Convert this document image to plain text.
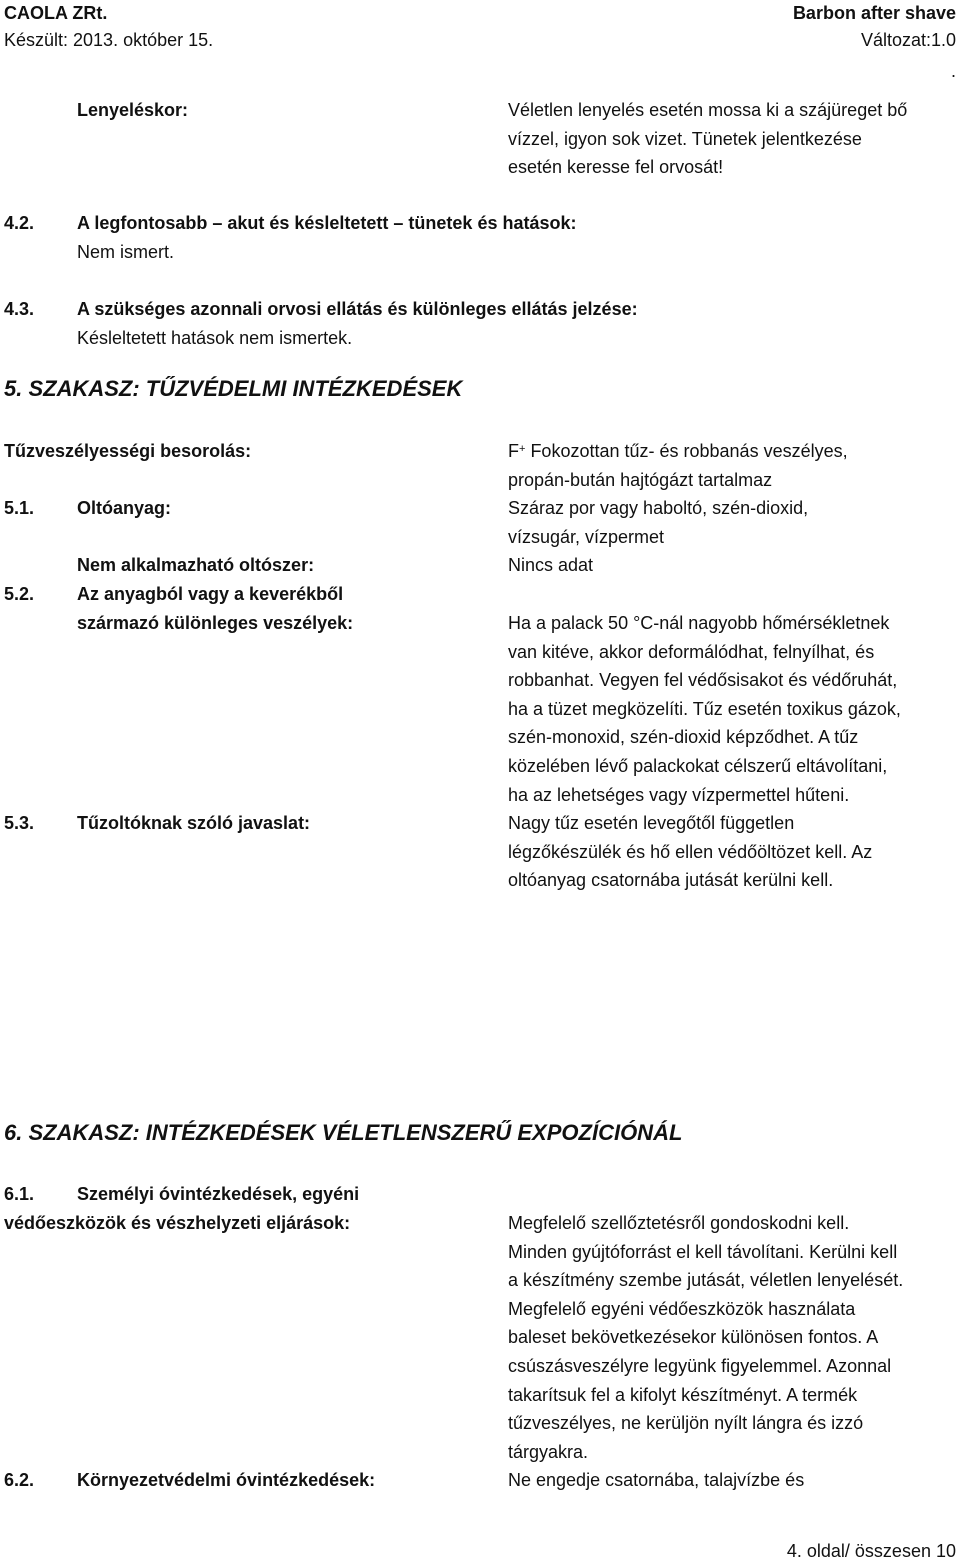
CAOLA ZRt.	Barbon after shave
Készült: 2013. október 15.	Változat:1.0
.
Lenyeléskor:	Véletlen lenyelés esetén mossa ki a szájüreget bő
vízzel, igyon sok vizet. Tünetek jelentkezése
esetén keresse fel orvosát!
4.2. A legfontosabb – akut és késleltetett – tünetek és hatások:
Nem ismert.
4.3. A szükséges azonnali orvosi ellátás és különleges ellátás jelzése:
Késleltetett hatások nem ismertek.
5. SZAKASZ: TŰZVÉDELMI INTÉZKEDÉSEK
Tűzveszélyességi besorolás:	F+ Fokozottan tűz- és robbanás veszélyes,
propán-bután hajtógázt tartalmaz
5.1. Oltóanyag:	Száraz por vagy haboltó, szén-dioxid,
vízsugár, vízpermet
Nem alkalmazható oltószer:	Nincs adat
5.2. Az anyagból vagy a keverékből
származó különleges veszélyek:	Ha a palack 50 °C-nál nagyobb hőmérsékletnek
van kitéve, akkor deformálódhat, felnyílhat, és
robbanhat. Vegyen fel védősisakot és védőruhát,
ha a tüzet megközelíti. Tűz esetén toxikus gázok,
szén-monoxid, szén-dioxid képződhet. A tűz
közelében lévő palackokat célszerű eltávolítani,
ha az lehetséges vagy vízpermettel hűteni.
5.3. Tűzoltóknak szóló javaslat:	Nagy tűz esetén levegőtől független
légzőkészülék és hő ellen védőöltözet kell. Az
oltóanyag csatornába jutását kerülni kell.
6. SZAKASZ: INTÉZKEDÉSEK VÉLETLENSZERŰ EXPOZÍCIÓNÁL
6.1. Személyi óvintézkedések, egyéni
védőeszközök és vészhelyzeti eljárások:	Megfelelő szellőztetésről gondoskodni kell.
Minden gyújtóforrást el kell távolítani. Kerülni kell
a készítmény szembe jutását, véletlen lenyelését.
Megfelelő egyéni védőeszközök használata
baleset bekövetkezésekor különösen fontos. A
csúszásveszélyre legyünk figyelemmel. Azonnal
takarítsuk fel a kifolyt készítményt. A termék
tűzveszélyes, ne kerüljön nyílt lángra és izzó
tárgyakra.
6.2. Környezetvédelmi óvintézkedések:	Ne engedje csatornába, talajvízbe és
4. oldal/ összesen 10
